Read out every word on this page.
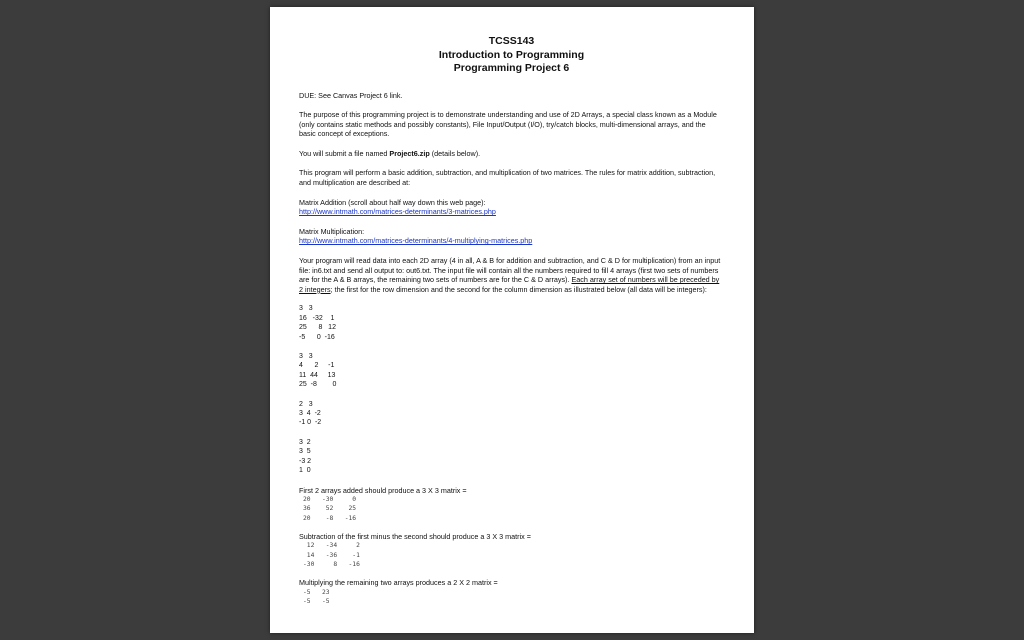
TCSS143
Introduction to Programming
Programming Project 6

DUE: See Canvas Project 6 link.

The purpose of this programming project is to demonstrate understanding and use of 2D Arrays, a special class known as a Module (only contains static methods and possibly constants), File Input/Output (I/O), try/catch blocks, multi-dimensional arrays, and the basic concept of exceptions.

You will submit a file named Project6.zip (details below).

This program will perform a basic addition, subtraction, and multiplication of two matrices. The rules for matrix addition, subtraction, and multiplication are described at:

Matrix Addition (scroll about half way down this web page):
http://www.intmath.com/matrices-determinants/3-matrices.php

Matrix Multiplication:
http://www.intmath.com/matrices-determinants/4-multiplying-matrices.php

Your program will read data into each 2D array (4 in all, A & B for addition and subtraction, and C & D for multiplication) from an input file: in6.txt and send all output to: out6.txt. The input file will contain all the numbers required to fill 4 arrays (first two sets of numbers are for the A & B arrays, the remaining two sets of numbers are for the C & D arrays). Each array set of numbers will be preceded by 2 integers; the first for the row dimension and the second for the column dimension as illustrated below (all data will be integers):

3   3
16   -32    1
25      8   12
-5      0  -16
3   3
4      2     -1
11  44     13
25  -8        0
2   3
3  4  -2
-1 0  -2
3  2
3  5
-3 2
1  0
First 2 arrays added should produce a 3 X 3 matrix =
20   -30     0
36    52    25
20    -8   -16
Subtraction of the first minus the second should produce a 3 X 3 matrix =
12   -34     2
14   -36    -1
-30     8   -16
Multiplying the remaining two arrays produces a 2 X 2 matrix =
-5   23
-5   -5
